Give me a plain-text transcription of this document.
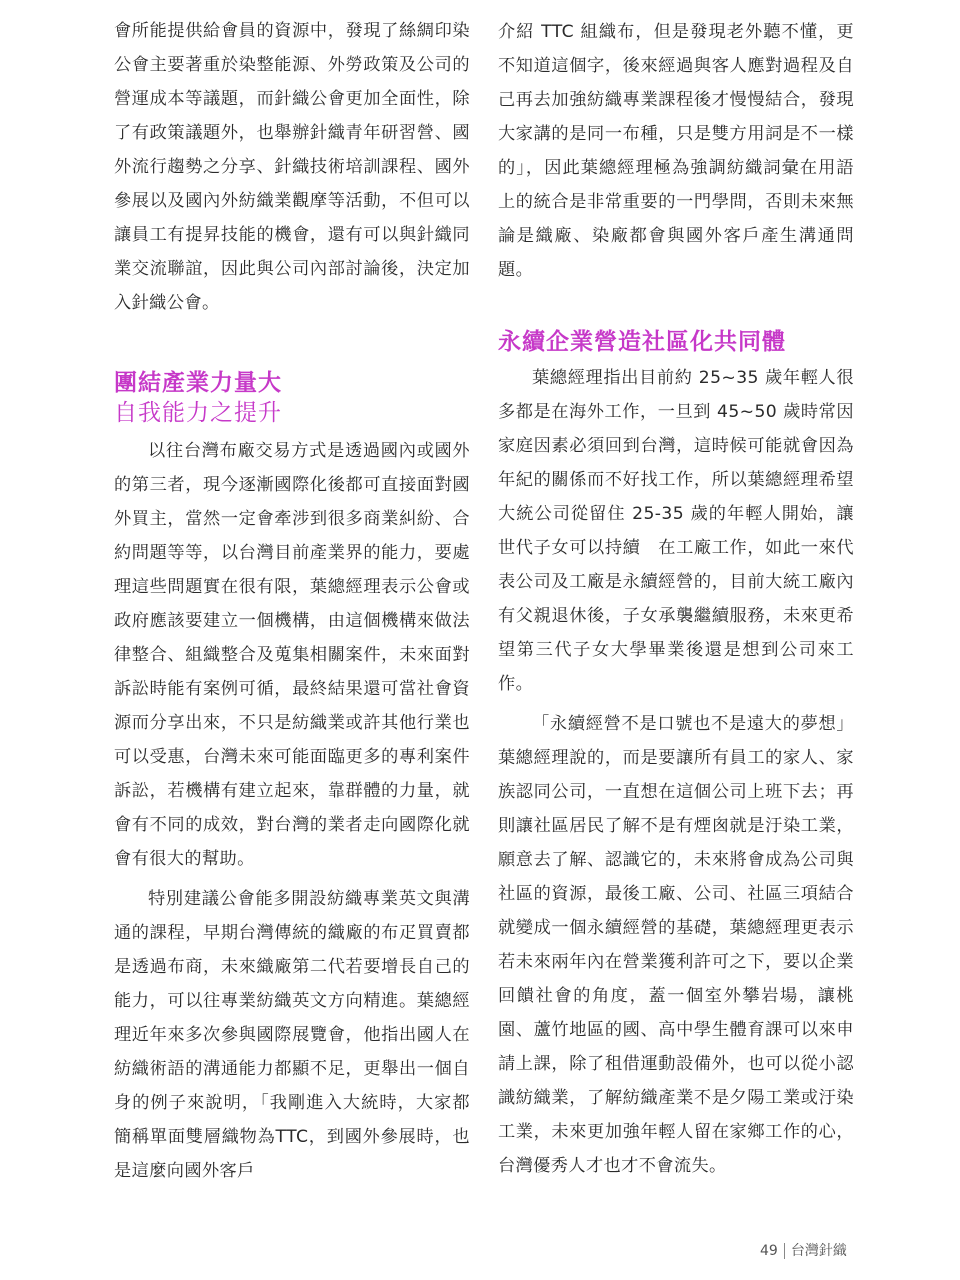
會所能提供給會員的資源中，發現了絲綢印染公會主要著重於染整能源、外勞政策及公司的營運成本等議題，而針織公會更加全面性，除了有政策議題外，也舉辦針織青年研習營、國外流行趨勢之分享、針織技術培訓課程、國外參展以及國內外紡織業觀摩等活動，不但可以讓員工有提昇技能的機會，還有可以與針織同業交流聯誼，因此與公司內部討論後，決定加入針織公會。

團結產業力量大
自我能力之提升

以往台灣布廠交易方式是透過國內或國外的第三者，現今逐漸國際化後都可直接面對國外買主，當然一定會牽涉到很多商業糾紛、合約問題等等，以台灣目前產業界的能力，要處理這些問題實在很有限，葉總經理表示公會或政府應該要建立一個機構，由這個機構來做法律整合、組織整合及蒐集相關案件，未來面對訴訟時能有案例可循，最終結果還可當社會資源而分享出來，不只是紡織業或許其他行業也可以受惠，台灣未來可能面臨更多的專利案件訴訟，若機構有建立起來，靠群體的力量，就會有不同的成效，對台灣的業者走向國際化就會有很大的幫助。

特別建議公會能多開設紡織專業英文與溝通的課程，早期台灣傳統的織廠的布疋買賣都是透過布商，未來織廠第二代若要增長自己的能力，可以往專業紡織英文方向精進。葉總經理近年來多次參與國際展覽會，他指出國人在紡織術語的溝通能力都顯不足，更舉出一個自身的例子來說明，「我剛進入大統時，大家都簡稱單面雙層織物為TTC，到國外參展時，也是這麼向國外客戶

介紹 TTC 組織布，但是發現老外聽不懂，更不知道這個字，後來經過與客人應對過程及自己再去加強紡織專業課程後才慢慢結合，發現大家講的是同一布種，只是雙方用詞是不一樣的」，因此葉總經理極為強調紡織詞彙在用語上的統合是非常重要的一門學問，否則未來無論是織廠、染廠都會與國外客戶產生溝通問題。

永續企業營造社區化共同體

葉總經理指出目前約 25~35 歲年輕人很多都是在海外工作，一旦到 45~50 歲時常因家庭因素必須回到台灣，這時候可能就會因為年紀的關係而不好找工作，所以葉總經理希望大統公司從留住 25-35 歲的年輕人開始，讓世代子女可以持續　在工廠工作，如此一來代表公司及工廠是永續經營的，目前大統工廠內有父親退休後，子女承襲繼續服務，未來更希望第三代子女大學畢業後還是想到公司來工作。

「永續經營不是口號也不是遠大的夢想」葉總經理說的，而是要讓所有員工的家人、家族認同公司，一直想在這個公司上班下去；再則讓社區居民了解不是有煙囪就是汙染工業，願意去了解、認識它的，未來將會成為公司與社區的資源，最後工廠、公司、社區三項結合就變成一個永續經營的基礎，葉總經理更表示若未來兩年內在營業獲利許可之下，要以企業回饋社會的角度，蓋一個室外攀岩場，讓桃園、蘆竹地區的國、高中學生體育課可以來申請上課，除了租借運動設備外，也可以從小認識紡織業，了解紡織產業不是夕陽工業或汙染工業，未來更加強年輕人留在家鄉工作的心，台灣優秀人才也才不會流失。

49 台灣針織
